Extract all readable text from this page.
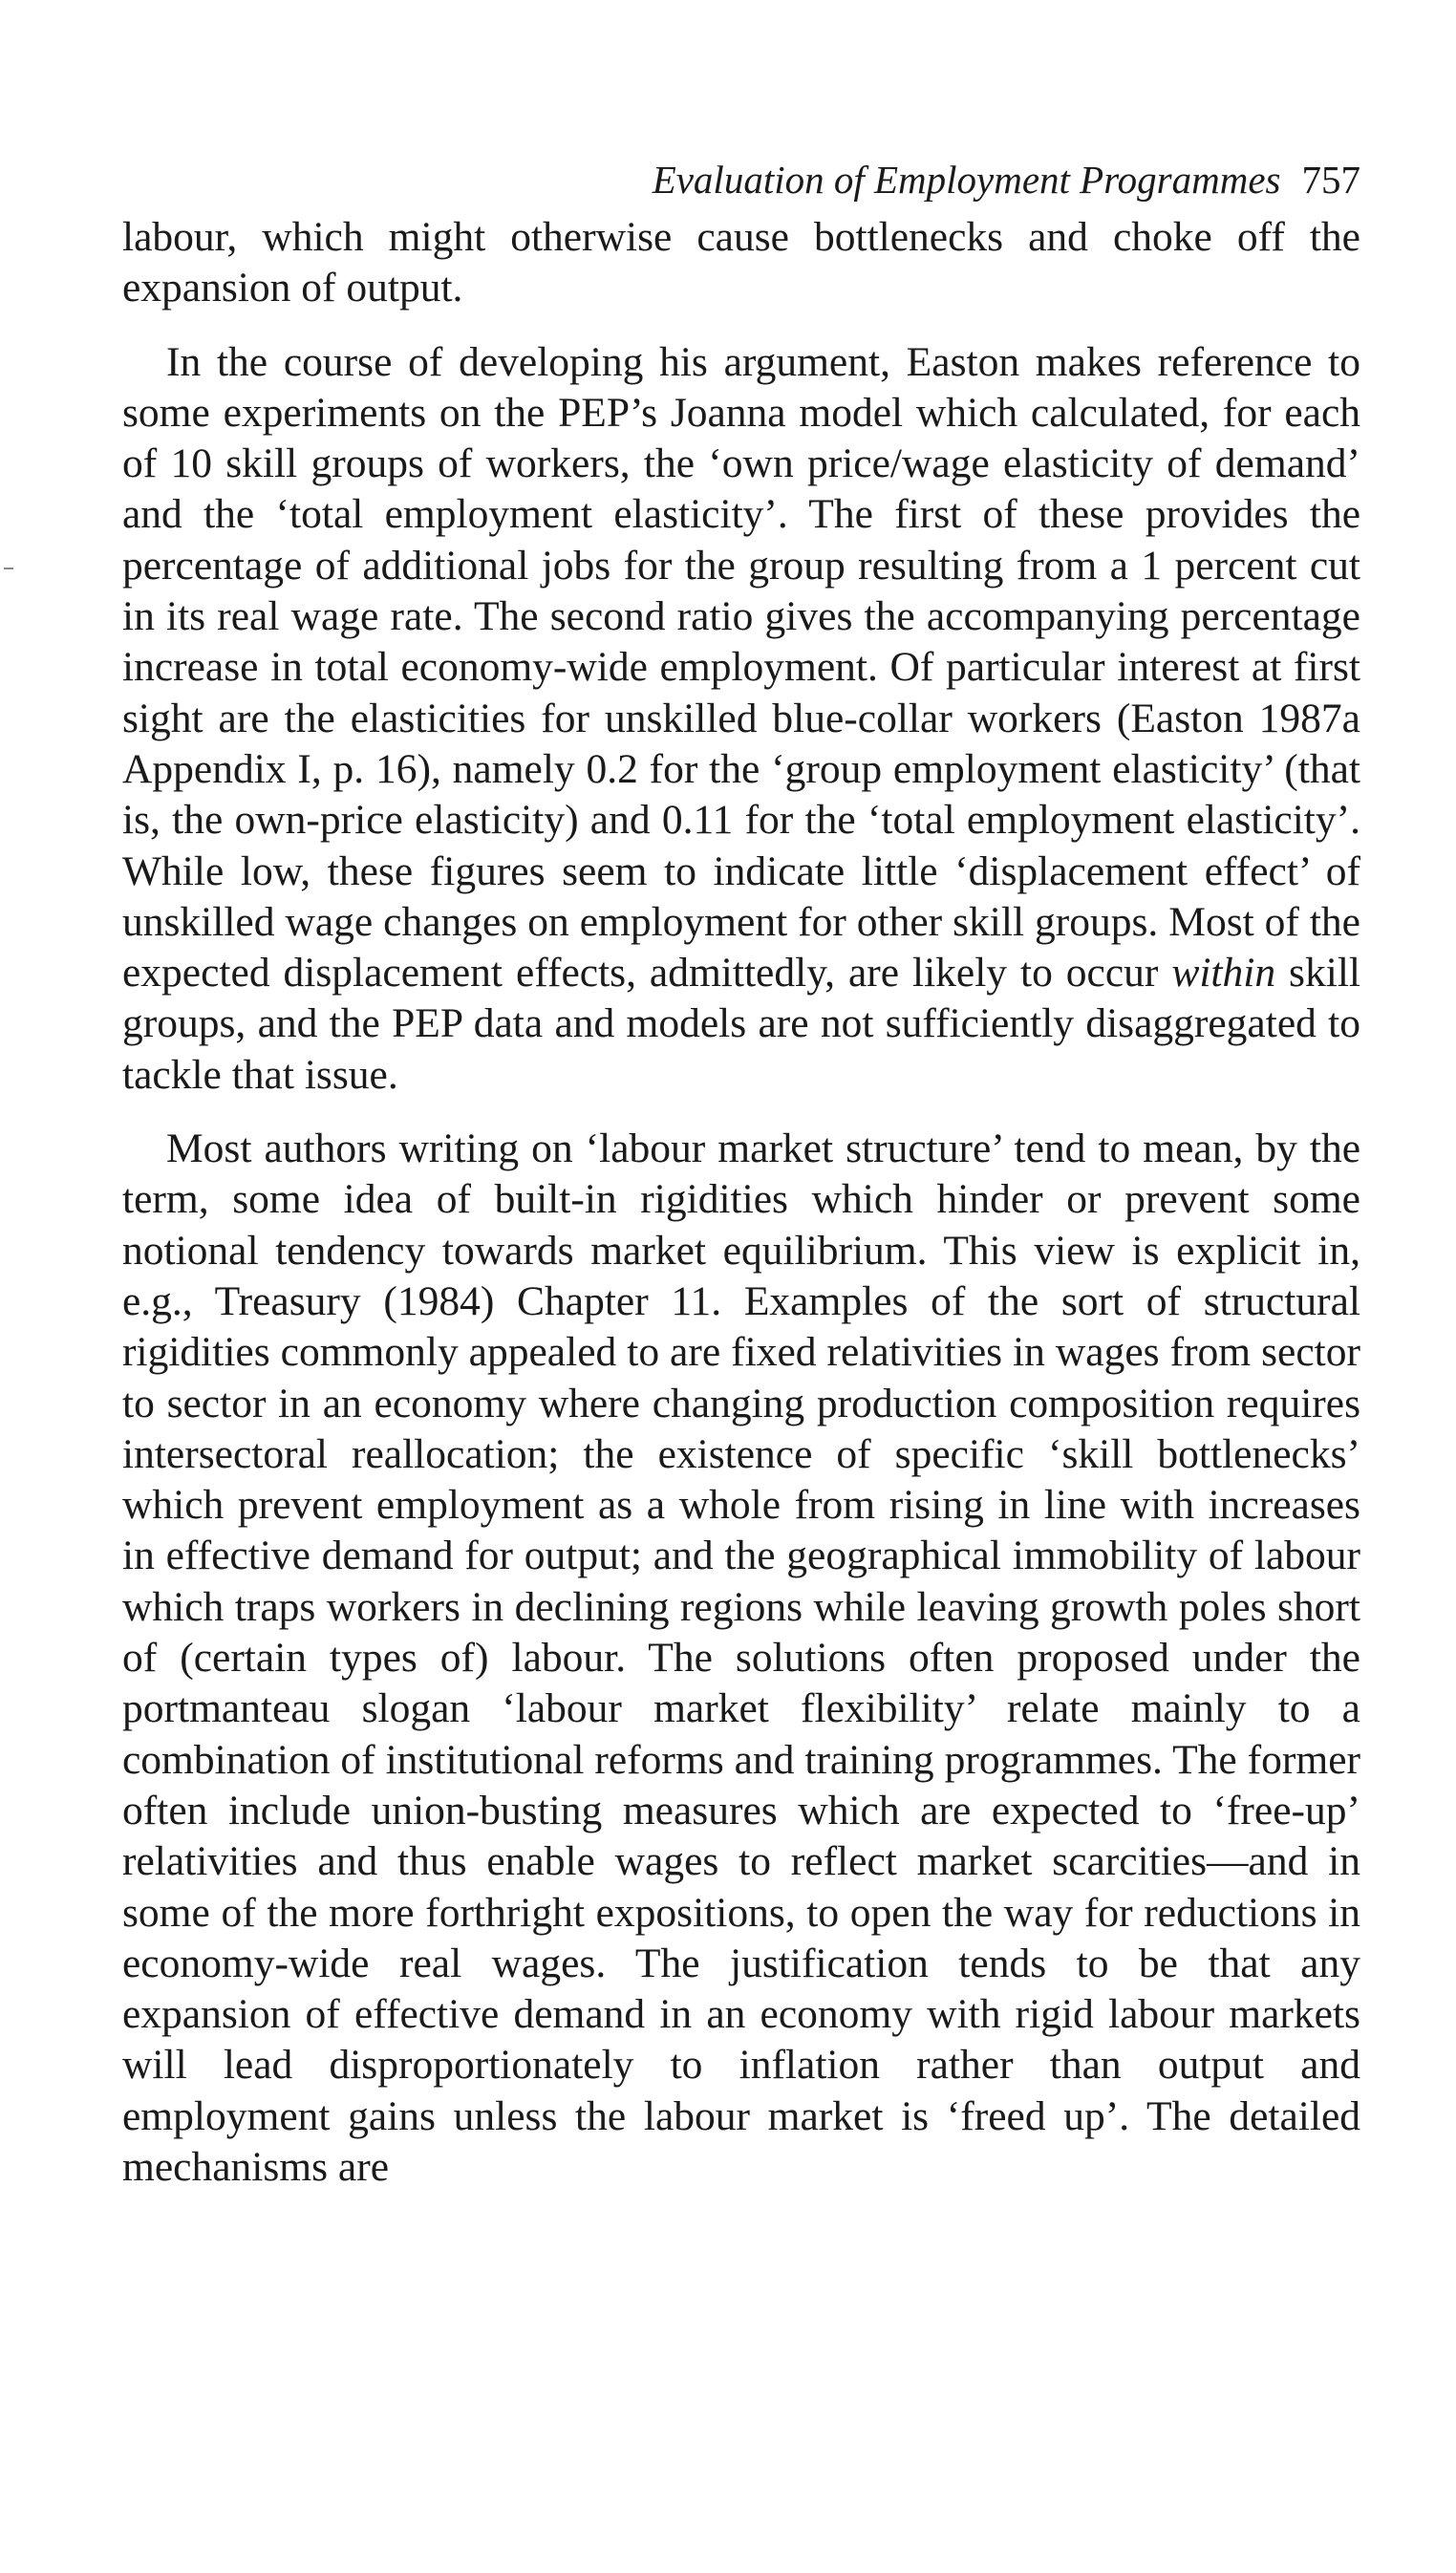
Evaluation of Employment Programmes 757

labour, which might otherwise cause bottlenecks and choke off the expansion of output.

In the course of developing his argument, Easton makes reference to some experiments on the PEP’s Joanna model which calculated, for each of 10 skill groups of workers, the ‘own price/wage elasticity of demand’ and the ‘total employment elasticity’. The first of these provides the percentage of additional jobs for the group resulting from a 1 percent cut in its real wage rate. The second ratio gives the accompanying percentage increase in total economy-wide employment. Of particular interest at first sight are the elasticities for unskilled blue-collar workers (Easton 1987a Appendix I, p. 16), namely 0.2 for the ‘group employment elasticity’ (that is, the own-price elasticity) and 0.11 for the ‘total employment elasticity’. While low, these figures seem to indicate little ‘displacement effect’ of unskilled wage changes on employment for other skill groups. Most of the expected displacement effects, admittedly, are likely to occur within skill groups, and the PEP data and models are not sufficiently disaggregated to tackle that issue.

Most authors writing on ‘labour market structure’ tend to mean, by the term, some idea of built-in rigidities which hinder or prevent some notional tendency towards market equilibrium. This view is explicit in, e.g., Treasury (1984) Chapter 11. Examples of the sort of structural rigidities commonly appealed to are fixed relativities in wages from sector to sector in an economy where changing production composition requires intersectoral reallocation; the existence of specific ‘skill bottlenecks’ which prevent employment as a whole from rising in line with increases in effective demand for output; and the geographical immobility of labour which traps workers in declining regions while leaving growth poles short of (certain types of) labour. The solutions often proposed under the portmanteau slogan ‘labour market flexibility’ relate mainly to a combination of institutional reforms and training programmes. The former often include union-busting measures which are expected to ‘free-up’ relativities and thus enable wages to reflect market scarcities—and in some of the more forthright expositions, to open the way for reductions in economy-wide real wages. The justification tends to be that any expansion of effective demand in an economy with rigid labour markets will lead disproportionately to inflation rather than output and employment gains unless the labour market is ‘freed up’. The detailed mechanisms are
